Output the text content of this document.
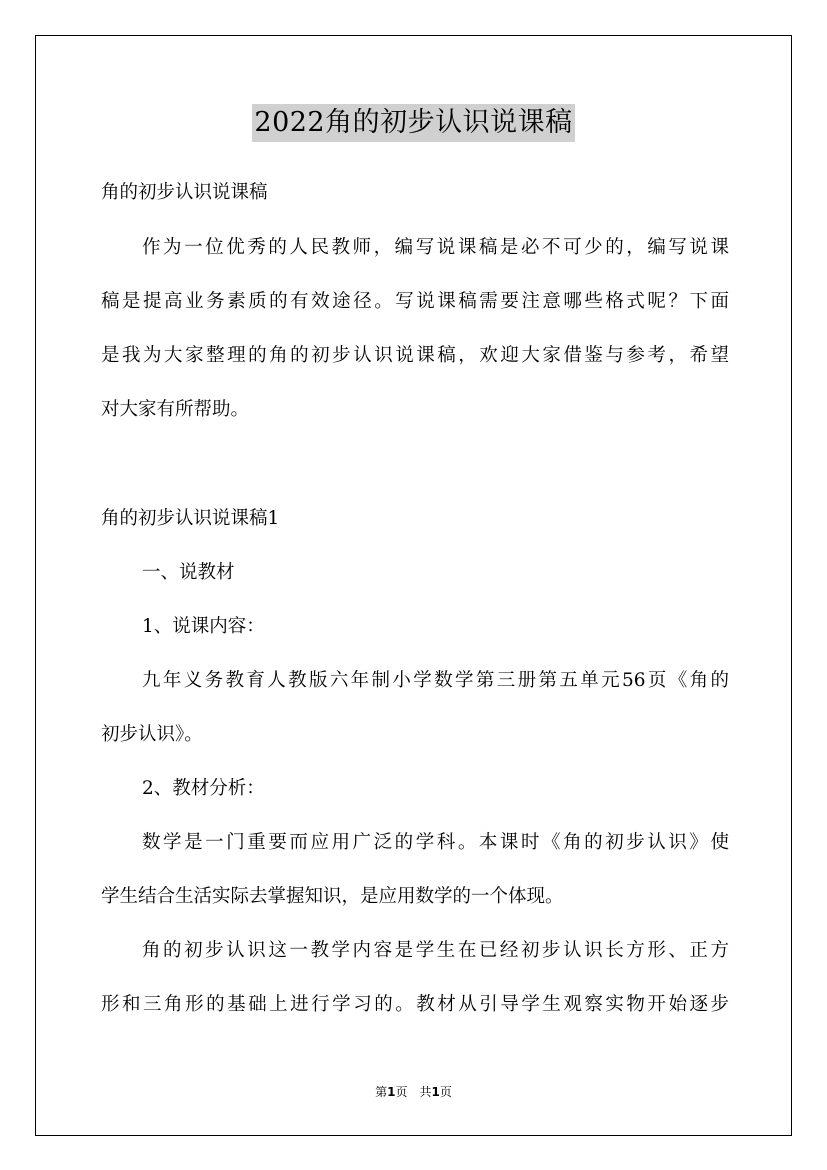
2022角的初步认识说课稿
角的初步认识说课稿
作为一位优秀的人民教师，编写说课稿是必不可少的，编写说课
稿是提高业务素质的有效途径。写说课稿需要注意哪些格式呢？下面
是我为大家整理的角的初步认识说课稿，欢迎大家借鉴与参考，希望
对大家有所帮助。
角的初步认识说课稿1
一、说教材
1、说课内容：
九年义务教育人教版六年制小学数学第三册第五单元56页《角的
初步认识》。
2、教材分析：
数学是一门重要而应用广泛的学科。本课时《角的初步认识》使
学生结合生活实际去掌握知识，是应用数学的一个体现。
角的初步认识这一教学内容是学生在已经初步认识长方形、正方
形和三角形的基础上进行学习的。教材从引导学生观察实物开始逐步
第1页　共1页
